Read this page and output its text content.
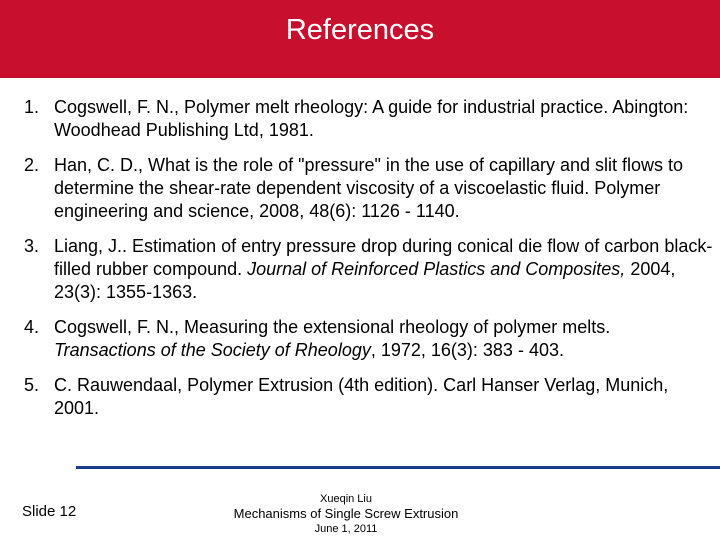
References
1. Cogswell, F. N., Polymer melt rheology: A guide for industrial practice. Abington: Woodhead Publishing Ltd, 1981.
2. Han, C. D., What is the role of "pressure" in the use of capillary and slit flows to determine the shear-rate dependent viscosity of a viscoelastic fluid. Polymer engineering and science, 2008, 48(6): 1126 - 1140.
3. Liang, J.. Estimation of entry pressure drop during conical die flow of carbon black-filled rubber compound. Journal of Reinforced Plastics and Composites, 2004, 23(3): 1355-1363.
4. Cogswell, F. N., Measuring the extensional rheology of polymer melts. Transactions of the Society of Rheology, 1972, 16(3): 383 - 403.
5. C. Rauwendaal, Polymer Extrusion (4th edition). Carl Hanser Verlag, Munich, 2001.
Slide 12
Xueqin Liu
Mechanisms of Single Screw Extrusion
June 1, 2011
